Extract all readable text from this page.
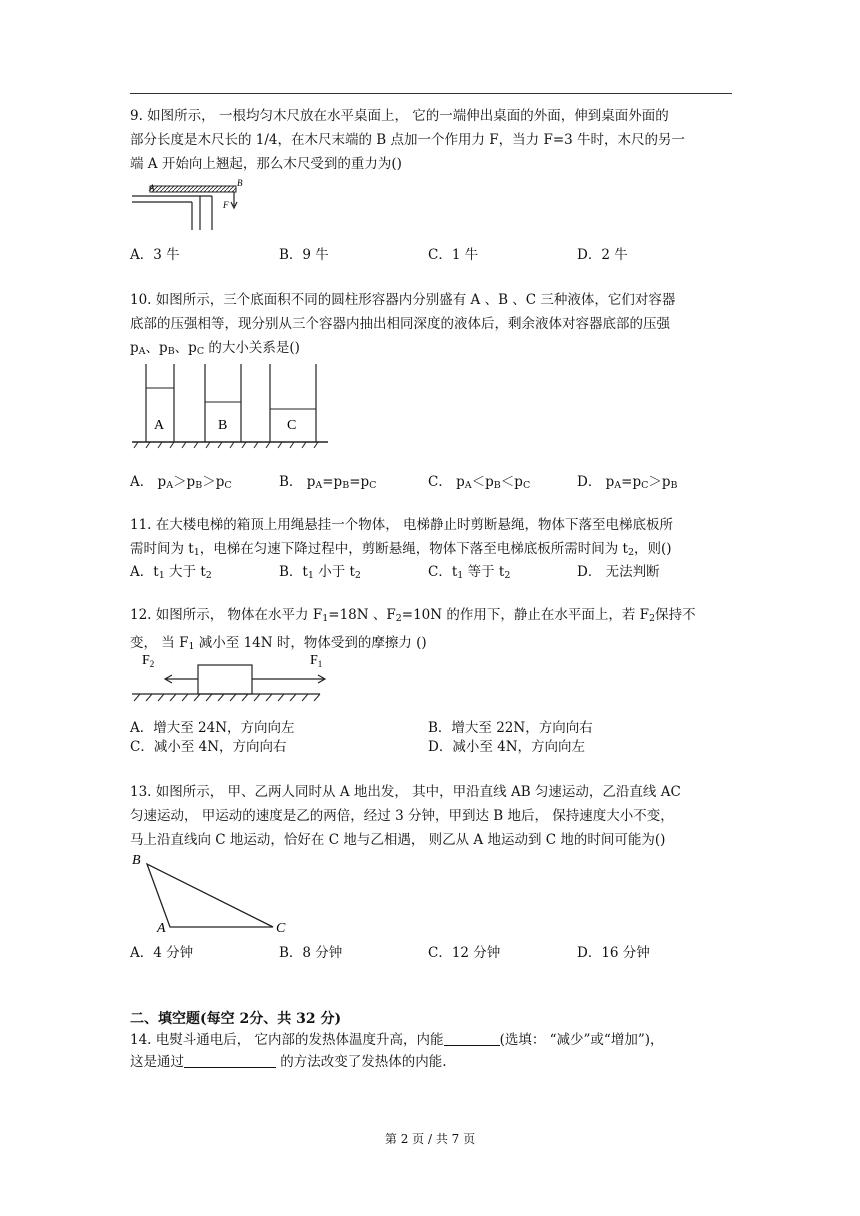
9. 如图所示， 一根均匀木尺放在水平桌面上， 它的一端伸出桌面的外面，伸到桌面外面的
部分长度是木尺长的 1/4，在木尺末端的 B 点加一个作用力 F，当力 F=3 牛时，木尺的另一
端 A 开始向上翘起，那么木尺受到的重力为()
A	B
F
A．3 牛	B．9 牛	C．1 牛	D．2 牛
10. 如图所示，三个底面积不同的圆柱形容器内分别盛有 A 、B 、C 三种液体，它们对容器
底部的压强相等，现分别从三个容器内抽出相同深度的液体后，剩余液体对容器底部的压强
$p_A$、$p_B$、$p_C$ 的大小关系是()
A	B	C
A． $p_A>p_B>p_C$	B． $p_A=p_B=p_C$	C． $p_A<p_B<p_C$	D． $p_A=p_C>p_B$
11. 在大楼电梯的箱顶上用绳悬挂一个物体， 电梯静止时剪断悬绳，物体下落至电梯底板所
需时间为 $t_1$，电梯在匀速下降过程中，剪断悬绳，物体下落至电梯底板所需时间为 $t_2$，则()
A．$t_1$ 大于 $t_2$	B．$t_1$ 小于 $t_2$	C．$t_1$ 等于 $t_2$	D． 无法判断
12. 如图所示， 物体在水平力 $F_1=18N$ 、$F_2=10N$ 的作用下，静止在水平面上，若 $F_2$保持不
变， 当 $F_1$ 减小至 14N 时，物体受到的摩擦力 ()
$F_2$	$F_1$
A．增大至 24N，方向向左	B．增大至 22N，方向向右
C．减小至 4N，方向向右	D．减小至 4N，方向向左
13. 如图所示， 甲、乙两人同时从 A 地出发， 其中，甲沿直线 AB 匀速运动，乙沿直线 AC
匀速运动， 甲运动的速度是乙的两倍，经过 3 分钟，甲到达 B 地后， 保持速度大小不变，
马上沿直线向 C 地运动，恰好在 C 地与乙相遇， 则乙从 A 地运动到 C 地的时间可能为()
B
A	C
A．4 分钟	B．8 分钟	C．12 分钟	D．16 分钟
二、填空题(每空 2分、共 32 分)
14. 电熨斗通电后， 它内部的发热体温度升高，内能	(选填： “减少”或“增加”)，
这是通过	的方法改变了发热体的内能.
第 2 页 / 共 7 页
